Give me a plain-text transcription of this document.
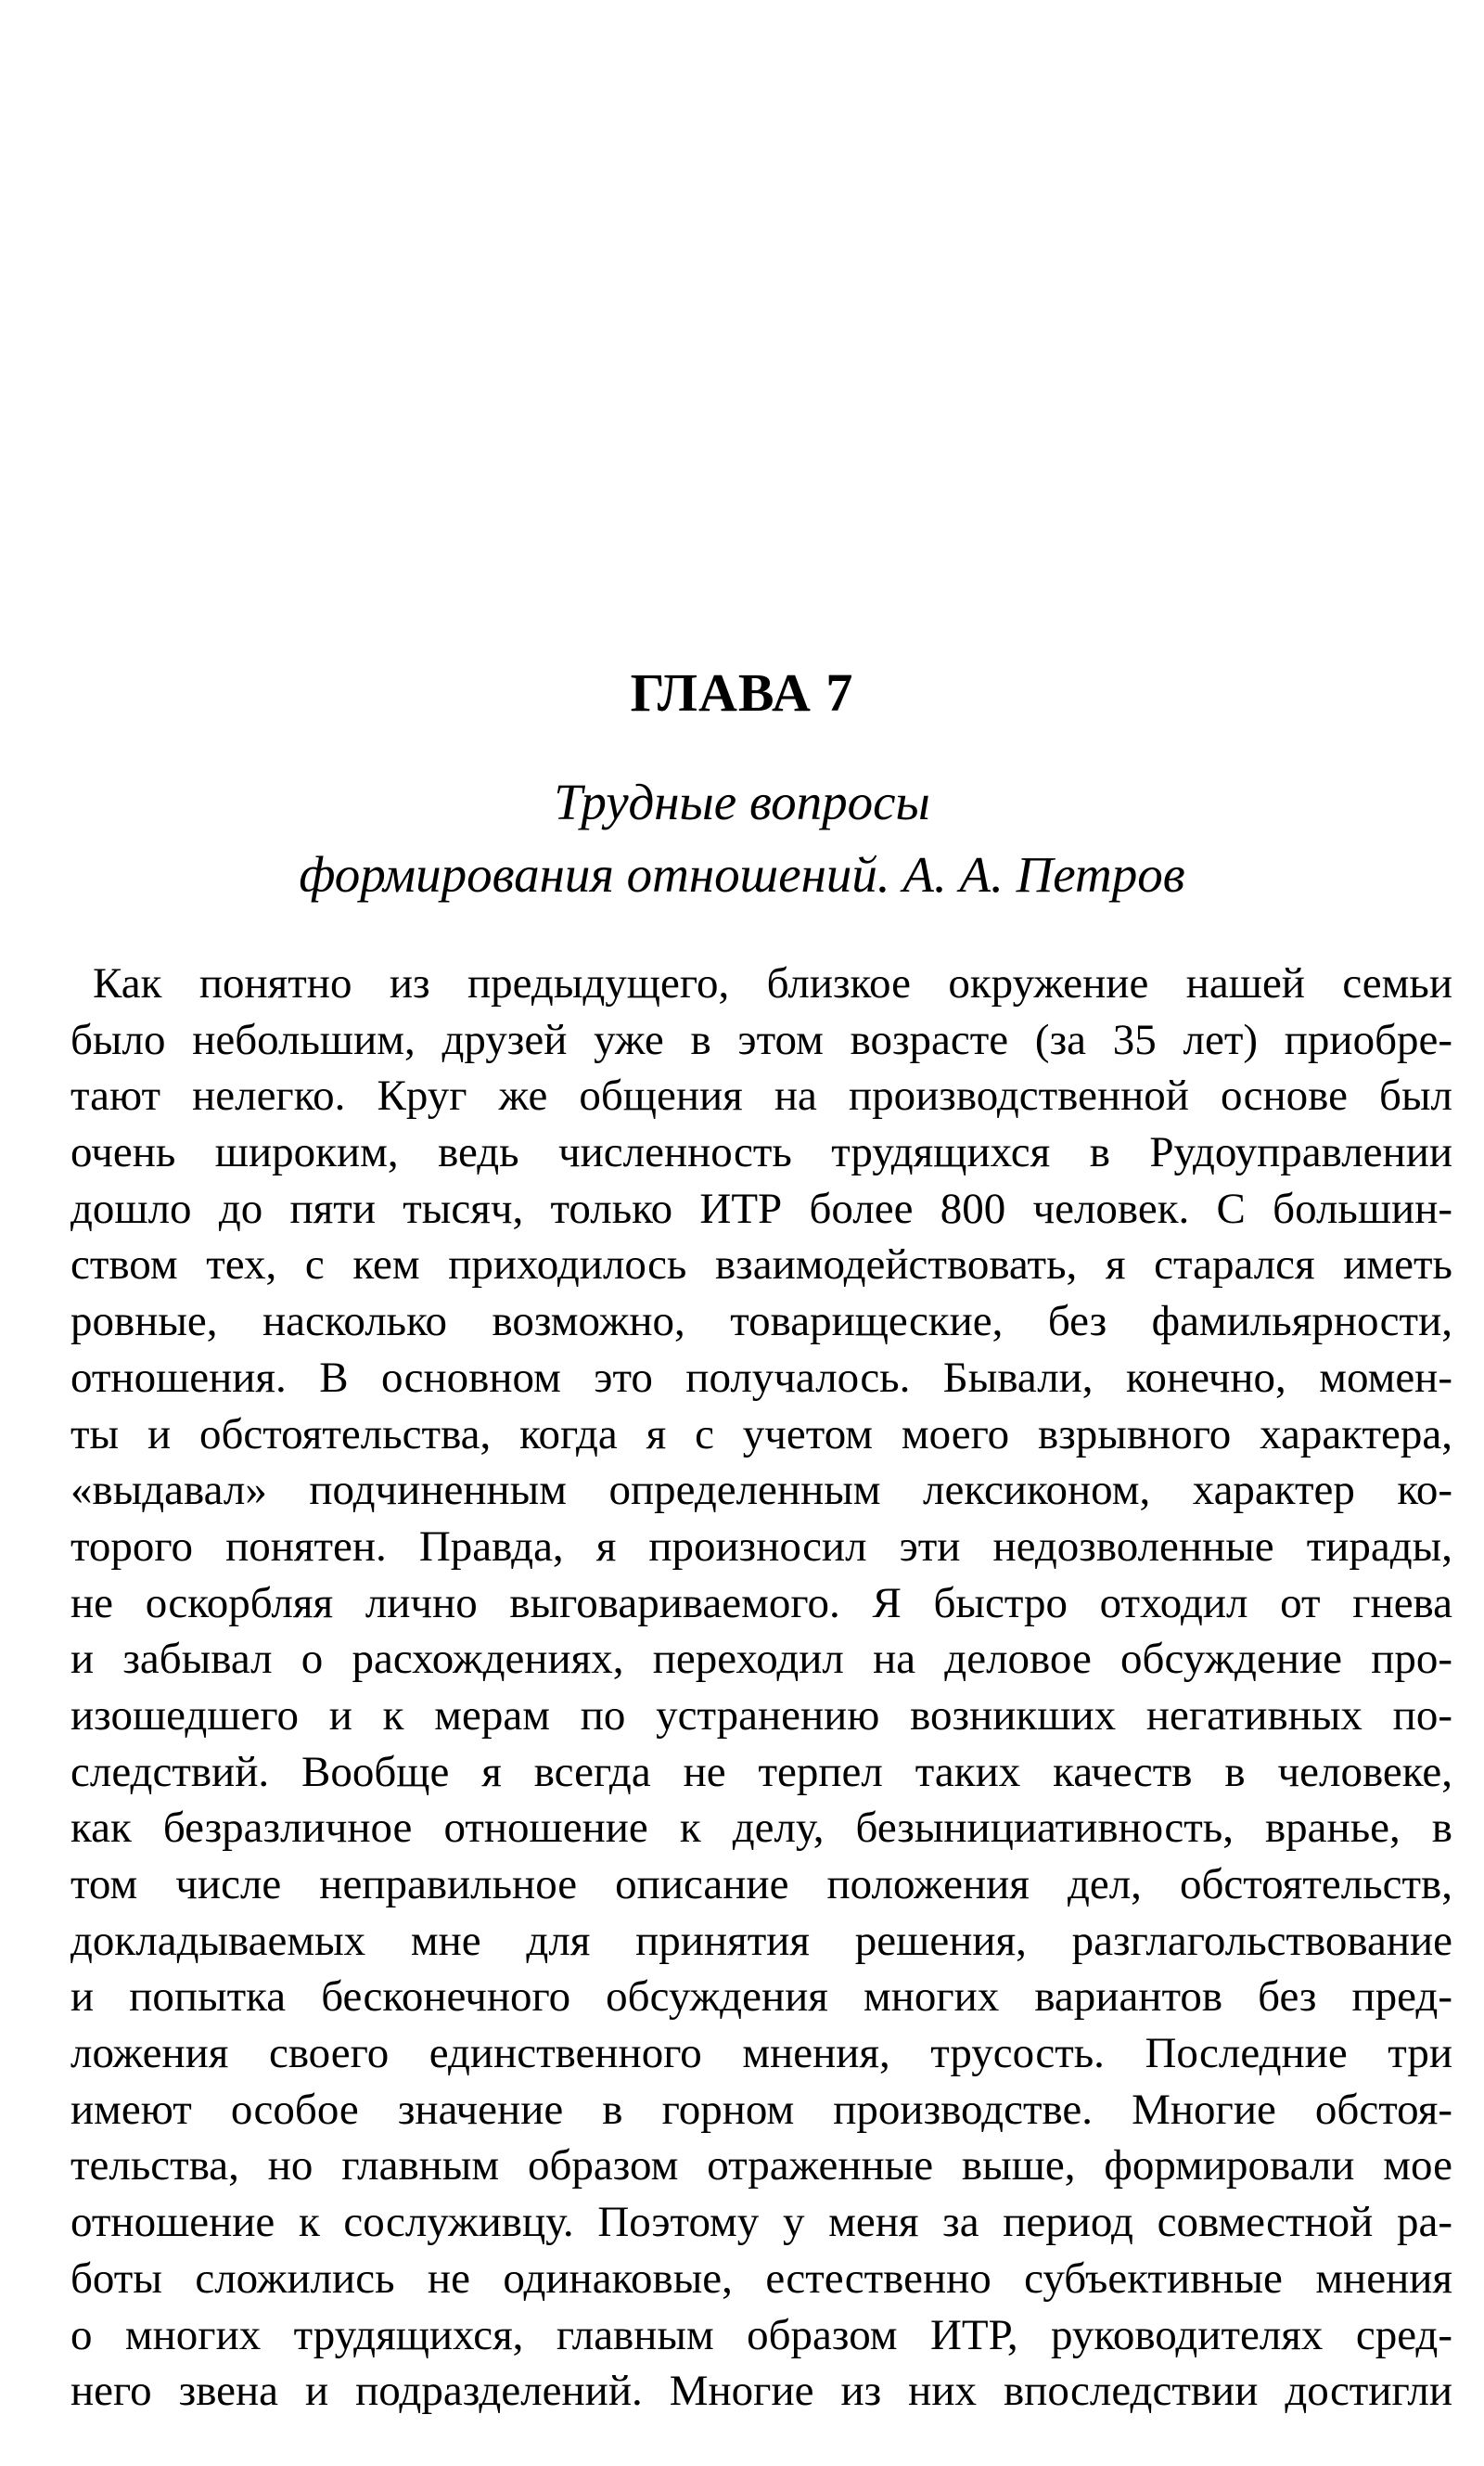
ГЛАВА 7
Трудные вопросы
формирования отношений. А. А. Петров
Как понятно из предыдущего, близкое окружение нашей семьи
было небольшим, друзей уже в этом возрасте (за 35 лет) приобре-
тают нелегко. Круг же общения на производственной основе был
очень широким, ведь численность трудящихся в Рудоуправлении
дошло до пяти тысяч, только ИТР более 800 человек. С большин-
ством тех, с кем приходилось взаимодействовать, я старался иметь
ровные, насколько возможно, товарищеские, без фамильярности,
отношения. В основном это получалось. Бывали, конечно, момен-
ты и обстоятельства, когда я с учетом моего взрывного характера,
«выдавал» подчиненным определенным лексиконом, характер ко-
торого понятен. Правда, я произносил эти недозволенные тирады,
не оскорбляя лично выговариваемого. Я быстро отходил от гнева
и забывал о расхождениях, переходил на деловое обсуждение про-
изошедшего и к мерам по устранению возникших негативных по-
следствий. Вообще я всегда не терпел таких качеств в человеке,
как безразличное отношение к делу, безынициативность, вранье, в
том числе неправильное описание положения дел, обстоятельств,
докладываемых мне для принятия решения, разглагольствование
и попытка бесконечного обсуждения многих вариантов без пред-
ложения своего единственного мнения, трусость. Последние три
имеют особое значение в горном производстве. Многие обстоя-
тельства, но главным образом отраженные выше, формировали мое
отношение к сослуживцу. Поэтому у меня за период совместной ра-
боты сложились не одинаковые, естественно субъективные мнения
о многих трудящихся, главным образом ИТР, руководителях сред-
него звена и подразделений. Многие из них впоследствии достигли
